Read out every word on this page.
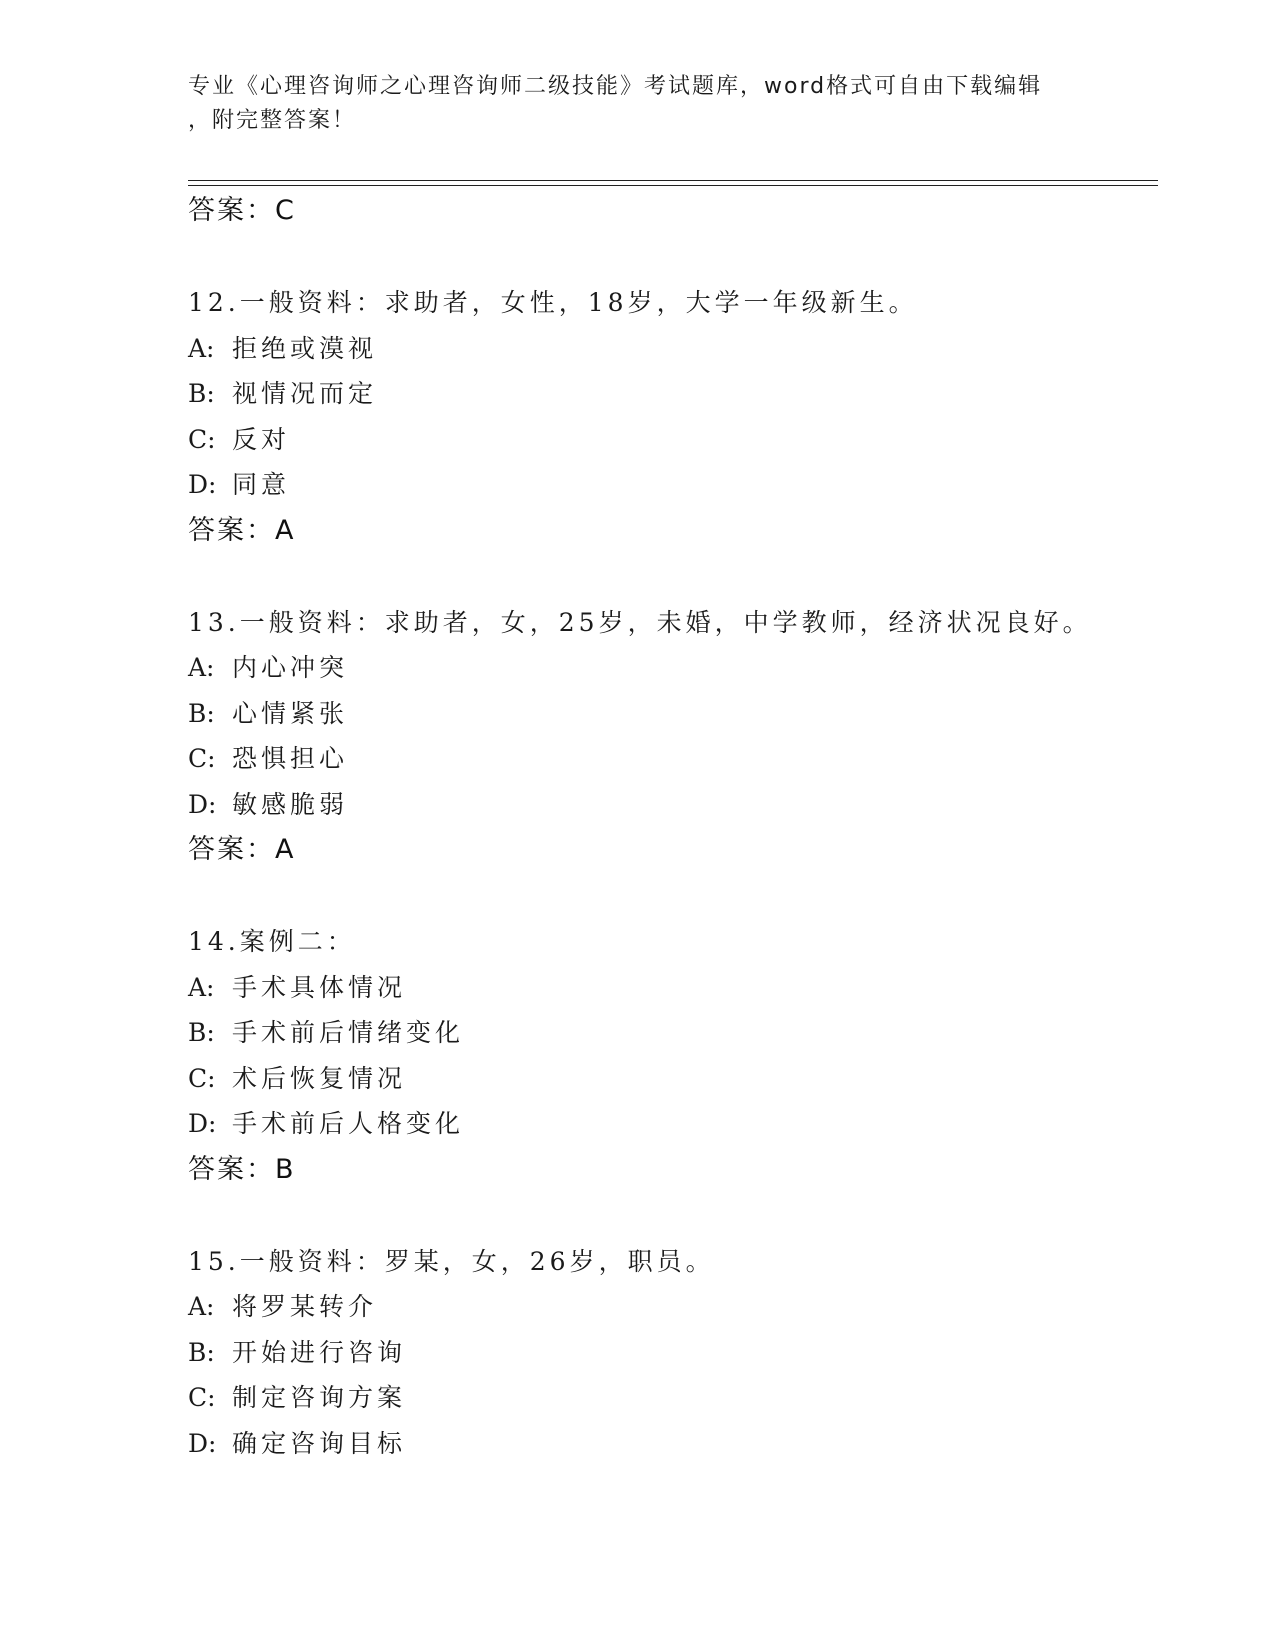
专业《心理咨询师之心理咨询师二级技能》考试题库，word格式可自由下载编辑
，附完整答案！
答案：C
12.一般资料：求助者，女性，18岁，大学一年级新生。
A: 拒绝或漠视
B: 视情况而定
C: 反对
D: 同意
答案：A
13.一般资料：求助者，女，25岁，未婚，中学教师，经济状况良好。
A: 内心冲突
B: 心情紧张
C: 恐惧担心
D: 敏感脆弱
答案：A
14.案例二：
A: 手术具体情况
B: 手术前后情绪变化
C: 术后恢复情况
D: 手术前后人格变化
答案：B
15.一般资料：罗某，女，26岁，职员。
A: 将罗某转介
B: 开始进行咨询
C: 制定咨询方案
D: 确定咨询目标
